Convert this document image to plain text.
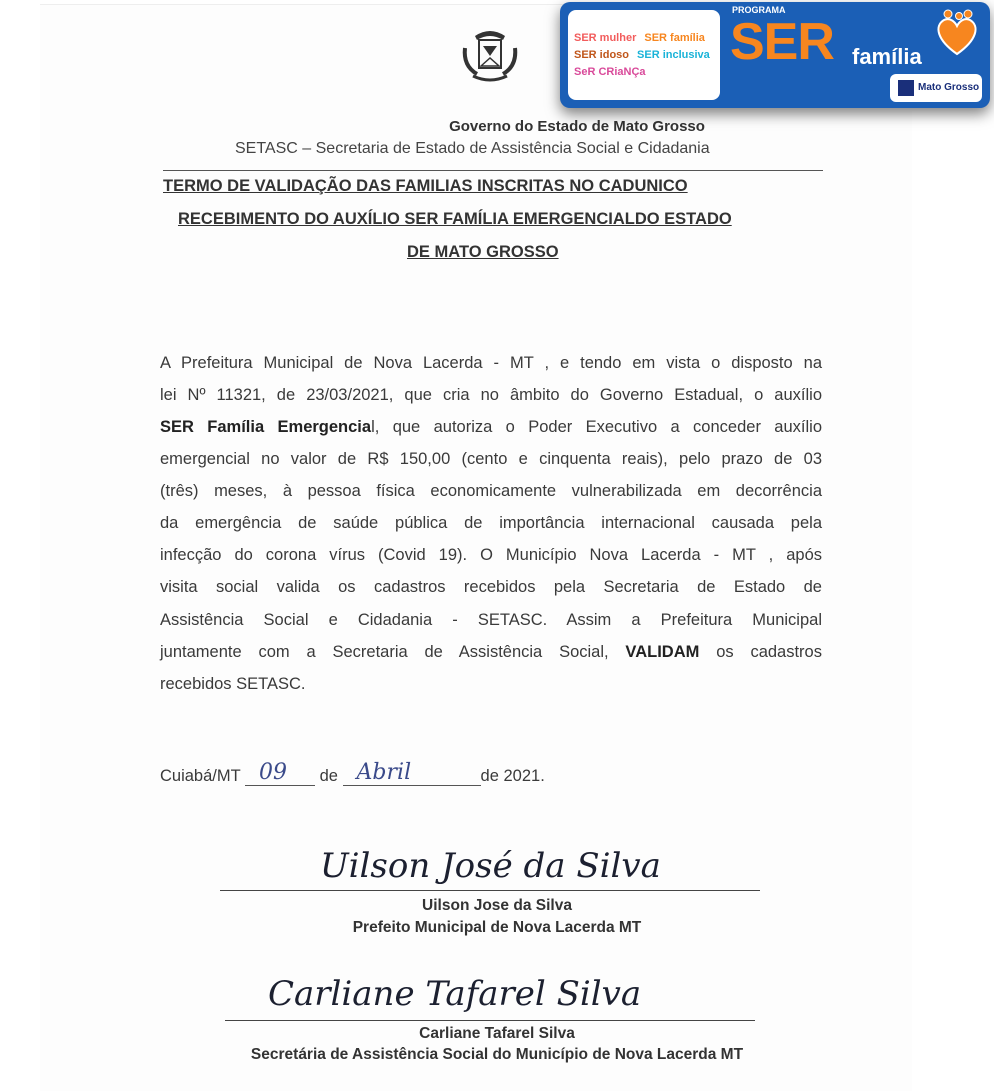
Governo do Estado de Mato Grosso
SETASC – Secretaria de Estado de Assistência Social e Cidadania
TERMO DE VALIDAÇÃO DAS FAMILIAS INSCRITAS NO CADUNICO
RECEBIMENTO DO AUXÍLIO SER FAMÍLIA EMERGENCIALDO ESTADO
DE MATO GROSSO
A Prefeitura Municipal de Nova Lacerda - MT , e tendo em vista o disposto na
lei Nº 11321, de 23/03/2021, que cria no âmbito do Governo Estadual, o auxílio
SER Família Emergencial, que autoriza o Poder Executivo a conceder auxílio
emergencial no valor de R$ 150,00 (cento e cinquenta reais), pelo prazo de 03
(três) meses, à pessoa física economicamente vulnerabilizada em decorrência
da emergência de saúde pública de importância internacional causada pela
infecção do corona vírus (Covid 19). O Município Nova Lacerda - MT , após
visita social valida os cadastros recebidos pela Secretaria de Estado de
Assistência Social e Cidadania - SETASC. Assim a Prefeitura Municipal
juntamente com a Secretaria de Assistência Social, VALIDAM os cadastros
recebidos SETASC.
Cuiabá/MT 09 de Abril	de 2021.
Uilson José da Silva
Uilson Jose da Silva
Prefeito Municipal de Nova Lacerda MT
Carliane Tafarel Silva
Carliane Tafarel Silva
Secretária de Assistência Social do Município de Nova Lacerda MT
SER mulher SER família
SER idoso SER inclusiva
SeR CRiaNÇa
PROGRAMA
SER família
Mato Grosso
